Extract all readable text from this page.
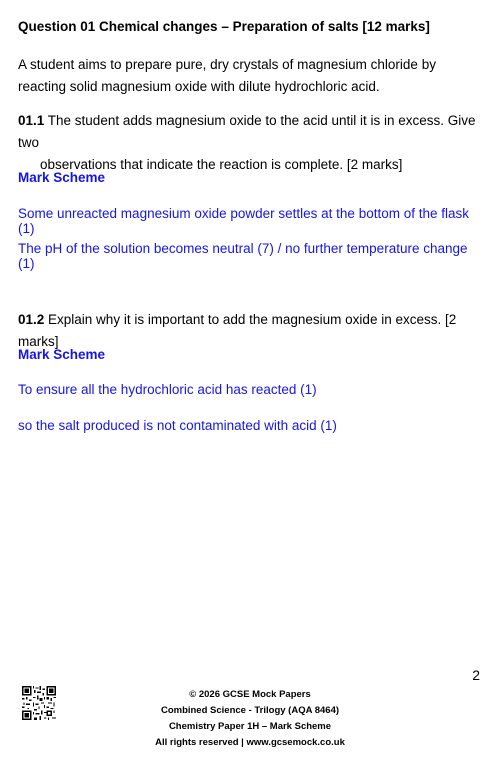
Question 01 Chemical changes – Preparation of salts [12 marks]
A student aims to prepare pure, dry crystals of magnesium chloride by reacting solid magnesium oxide with dilute hydrochloric acid.
01.1 The student adds magnesium oxide to the acid until it is in excess. Give two
observations that indicate the reaction is complete. [2 marks]
Mark Scheme
Some unreacted magnesium oxide powder settles at the bottom of the flask (1)
The pH of the solution becomes neutral (7) / no further temperature change (1)
01.2 Explain why it is important to add the magnesium oxide in excess. [2 marks]
Mark Scheme
To ensure all the hydrochloric acid has reacted (1)
so the salt produced is not contaminated with acid (1)
2
© 2026 GCSE Mock Papers
Combined Science - Trilogy (AQA 8464)
Chemistry Paper 1H – Mark Scheme
All rights reserved | www.gcsemock.co.uk
